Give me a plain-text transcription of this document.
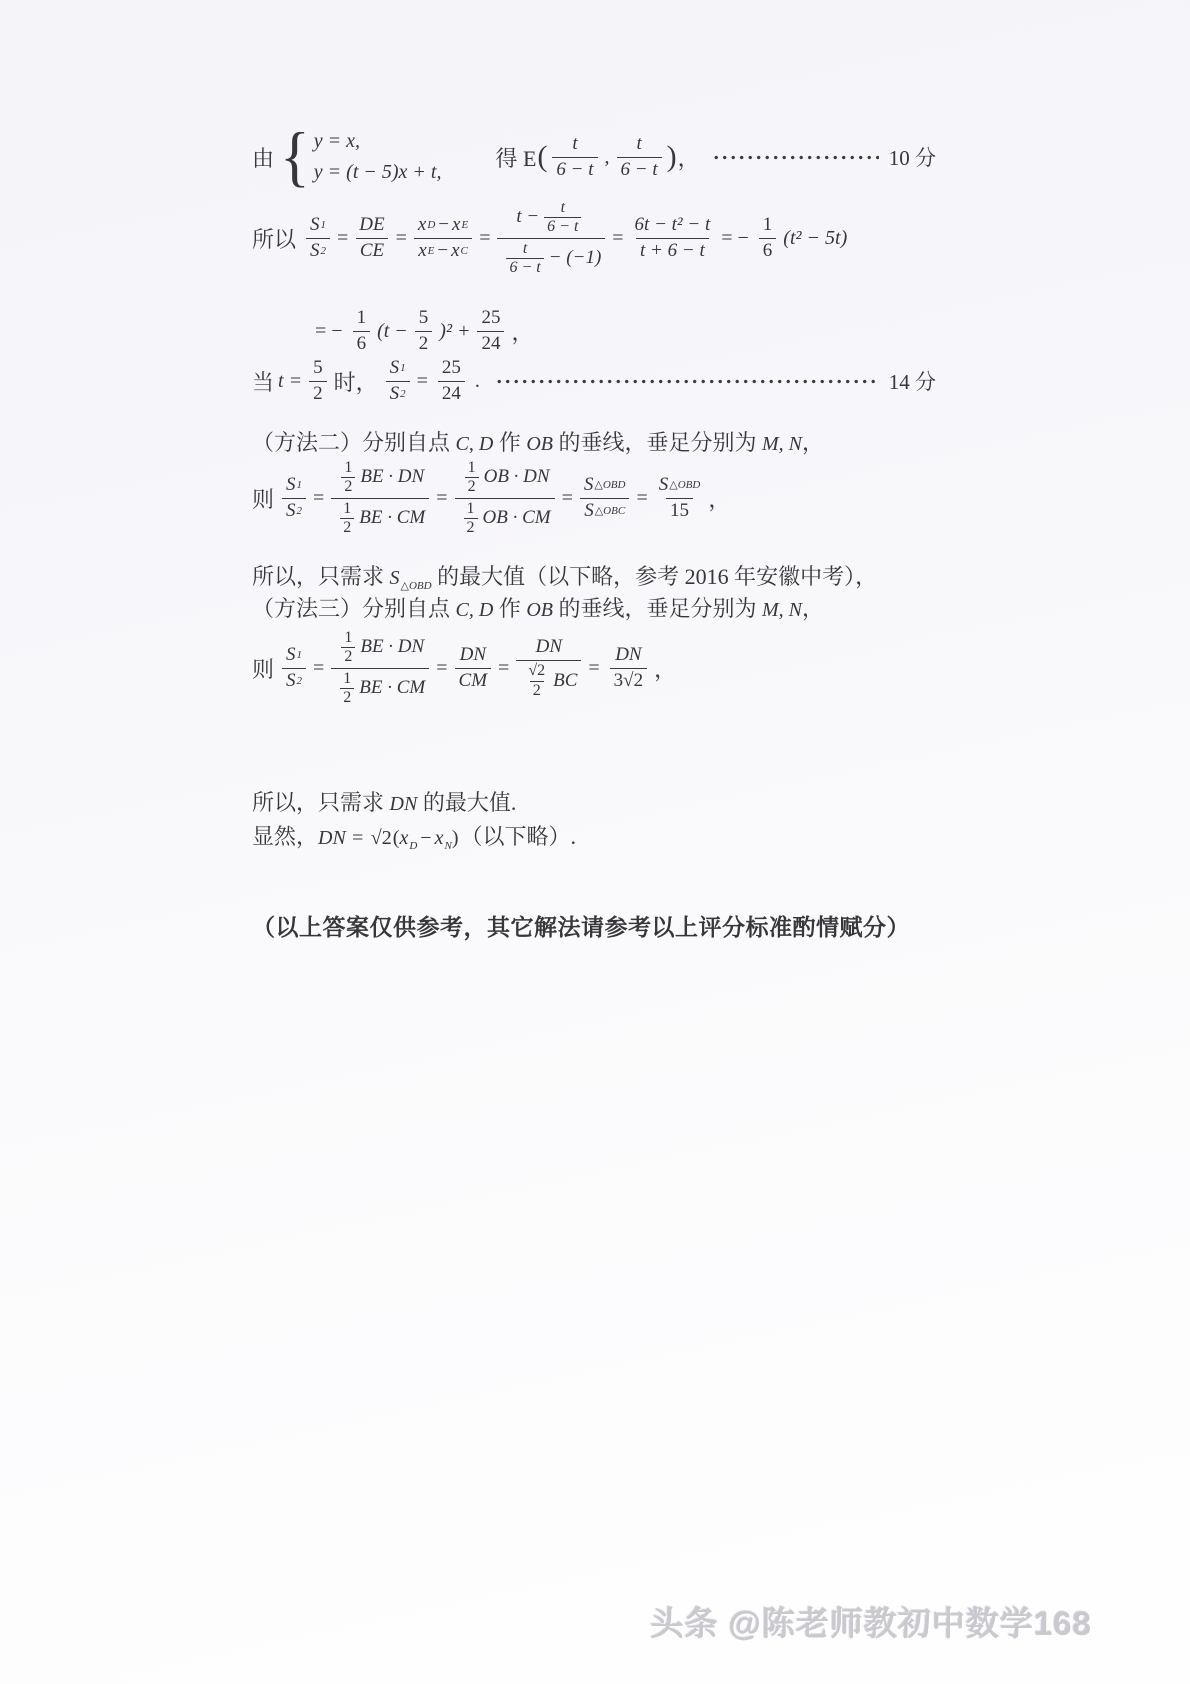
由 { y = x,
y = (t − 5)x + t,
得 E ( $\frac{t}{6 - t}$ , $\frac{t}{6 - t}$ ) ，	10 分
所以 $\frac{S 1}{S 2} = \frac{DE}{CE} = \frac{\text{x D − x E}}{\text{x E − x C}} = \frac{t - \frac{t}{6 - t}}{\frac{t}{6 - t} - (-1)} = \frac{\text{6t − t² − t}}{t + 6 - t}$ = − $\frac{1}{6} (t^2 - 5t)$
= − $\frac{1}{6} (t - \frac{5}{2} )^2 + \frac{25}{24}$ ，
当 $t = \frac{5}{2}$ 时， $\frac{S 1}{S 2} = \frac{25}{24}$ .	14 分
（方法二）分别自点 C, D 作 OB 的垂线，垂足分别为 M, N，
则 $\frac{S 1}{S 2} = \frac{\frac{1}{2} BE \cdot DN}{\frac{1}{2} BE \cdot CM} = \frac{\frac{1}{2} OB \cdot DN}{\frac{1}{2} OB \cdot CM} = \frac{\text{S △OBD}}{\text{S △OBC}} = \frac{\text{S △OBD}}{15}$ ，
所以，只需求 $S_{\triangle OBD}$ 的最大值（以下略，参考 2016 年安徽中考），
（方法三）分别自点 C, D 作 OB 的垂线，垂足分别为 M, N，
则 $\frac{S 1}{S 2} = \frac{\frac{1}{2} BE \cdot DN}{\frac{1}{2} BE \cdot CM} = \frac{DN}{CM} = \frac{DN}{\frac{√2}{2} BC} = \frac{DN}{3√2}$ ，
所以，只需求 DN 的最大值.
显然，DN = $√2(x_D - x_N)$（以下略）.
（以上答案仅供参考，其它解法请参考以上评分标准酌情赋分）
头条 @陈老师教初中数学168
